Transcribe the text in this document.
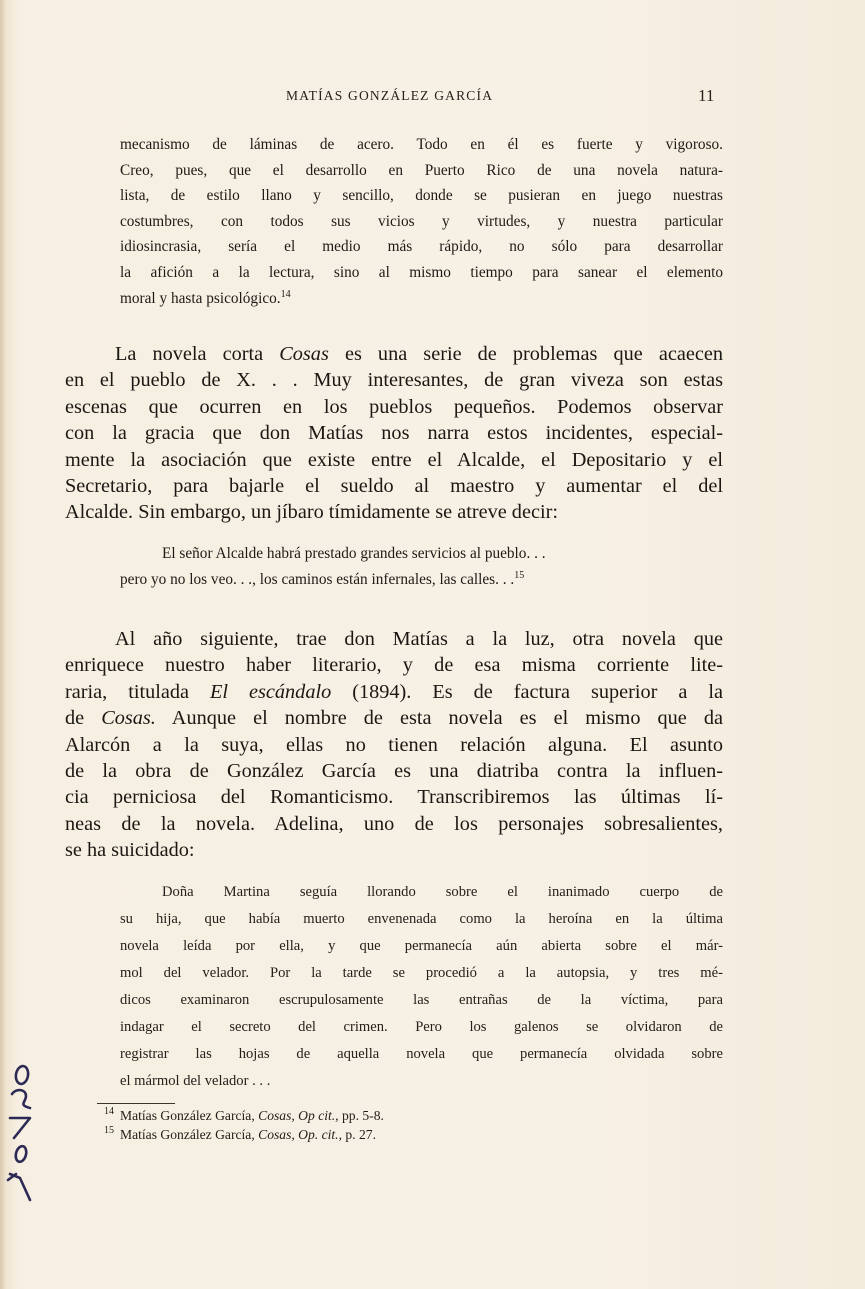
MATÍAS GONZÁLEZ GARCÍA	11
mecanismo de láminas de acero. Todo en él es fuerte y vigoroso.
Creo, pues, que el desarrollo en Puerto Rico de una novela natura-
lista, de estilo llano y sencillo, donde se pusieran en juego nuestras
costumbres, con todos sus vicios y virtudes, y nuestra particular
idiosincrasia, sería el medio más rápido, no sólo para desarrollar
la afición a la lectura, sino al mismo tiempo para sanear el elemento
moral y hasta psicológico.$^{14}$
La novela corta Cosas es una serie de problemas que acaecen
en el pueblo de X. . . Muy interesantes, de gran viveza son estas
escenas que ocurren en los pueblos pequeños. Podemos observar
con la gracia que don Matías nos narra estos incidentes, especial-
mente la asociación que existe entre el Alcalde, el Depositario y el
Secretario, para bajarle el sueldo al maestro y aumentar el del
Alcalde. Sin embargo, un jíbaro tímidamente se atreve decir:
El señor Alcalde habrá prestado grandes servicios al pueblo. . .
pero yo no los veo. . ., los caminos están infernales, las calles. . .$^{15}$
Al año siguiente, trae don Matías a la luz, otra novela que
enriquece nuestro haber literario, y de esa misma corriente lite-
raria, titulada El escándalo (1894). Es de factura superior a la
de Cosas. Aunque el nombre de esta novela es el mismo que da
Alarcón a la suya, ellas no tienen relación alguna. El asunto
de la obra de González García es una diatriba contra la influen-
cia perniciosa del Romanticismo. Transcribiremos las últimas lí-
neas de la novela. Adelina, uno de los personajes sobresalientes,
se ha suicidado:
Doña Martina seguía llorando sobre el inanimado cuerpo de
su hija, que había muerto envenenada como la heroína en la última
novela leída por ella, y que permanecía aún abierta sobre el már-
mol del velador. Por la tarde se procedió a la autopsia, y tres mé-
dicos examinaron escrupulosamente las entrañas de la víctima, para
indagar el secreto del crimen. Pero los galenos se olvidaron de
registrar las hojas de aquella novela que permanecía olvidada sobre
el mármol del velador . . .
$^{14}$ Matías González García, Cosas, Op cit., pp. 5-8.
$^{15}$ Matías González García, Cosas, Op. cit., p. 27.
